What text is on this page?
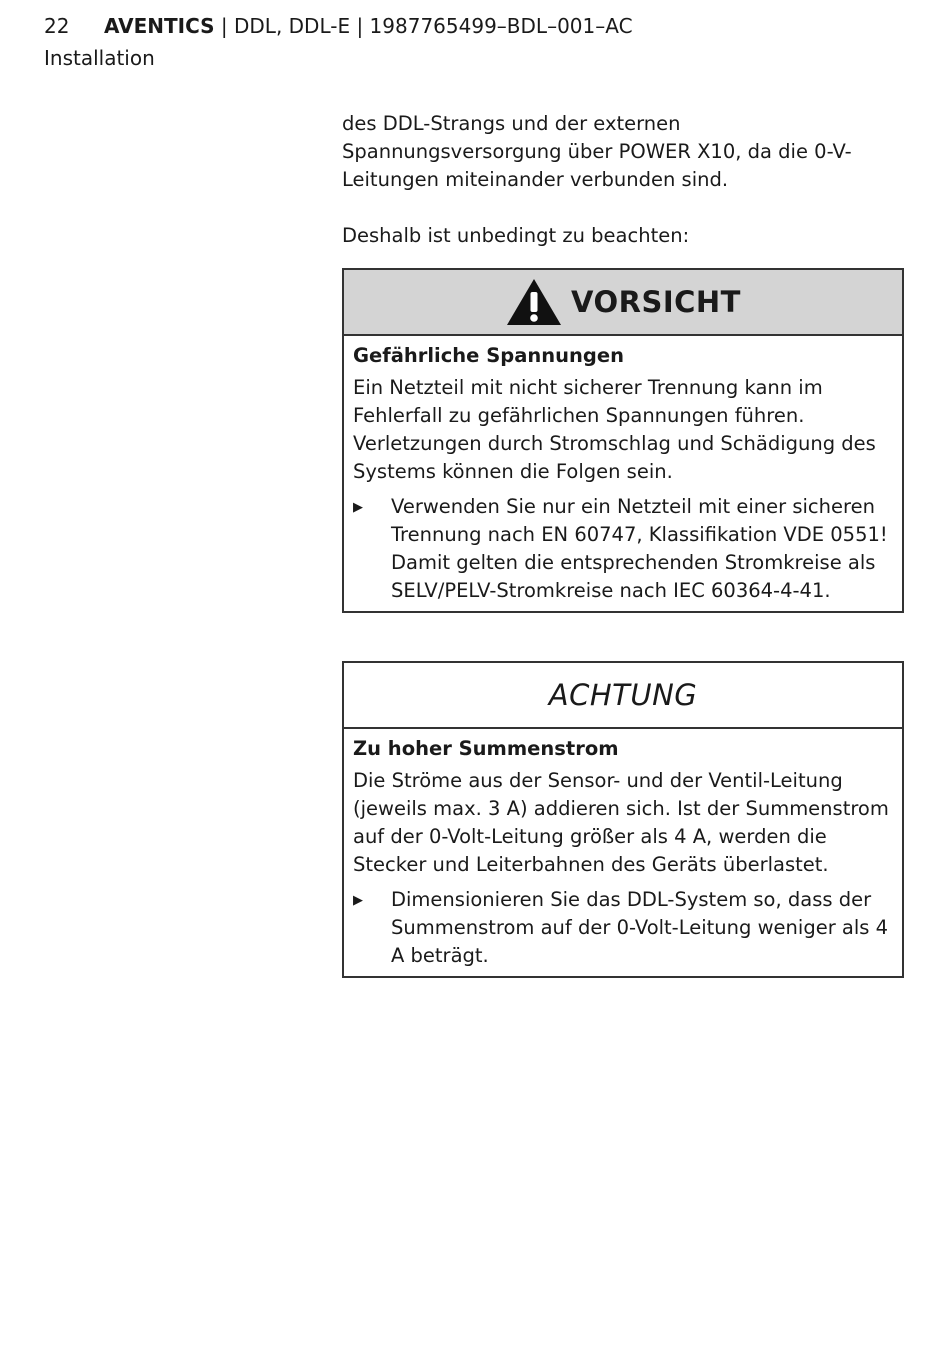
22 AVENTICS | DDL, DDL-E | 1987765499–BDL–001–AC
Installation

des DDL-Strangs und der externen Spannungsversorgung über POWER X10, da die 0-V-Leitungen miteinander verbunden sind.

Deshalb ist unbedingt zu beachten:

VORSICHT

Gefährliche Spannungen

Ein Netzteil mit nicht sicherer Trennung kann im Fehlerfall zu gefährlichen Spannungen führen. Verletzungen durch Stromschlag und Schädigung des Systems können die Folgen sein.

▶	Verwenden Sie nur ein Netzteil mit einer sicheren Trennung nach EN 60747, Klassifikation VDE 0551! Damit gelten die entsprechenden Stromkreise als SELV/PELV-Stromkreise nach IEC 60364-4-41.
ACHTUNG

Zu hoher Summenstrom

Die Ströme aus der Sensor- und der Ventil-Leitung (jeweils max. 3 A) addieren sich. Ist der Summenstrom auf der 0-Volt-Leitung größer als 4 A, werden die Stecker und Leiterbahnen des Geräts überlastet.

▶	Dimensionieren Sie das DDL-System so, dass der Summenstrom auf der 0-Volt-Leitung weniger als 4 A beträgt.
